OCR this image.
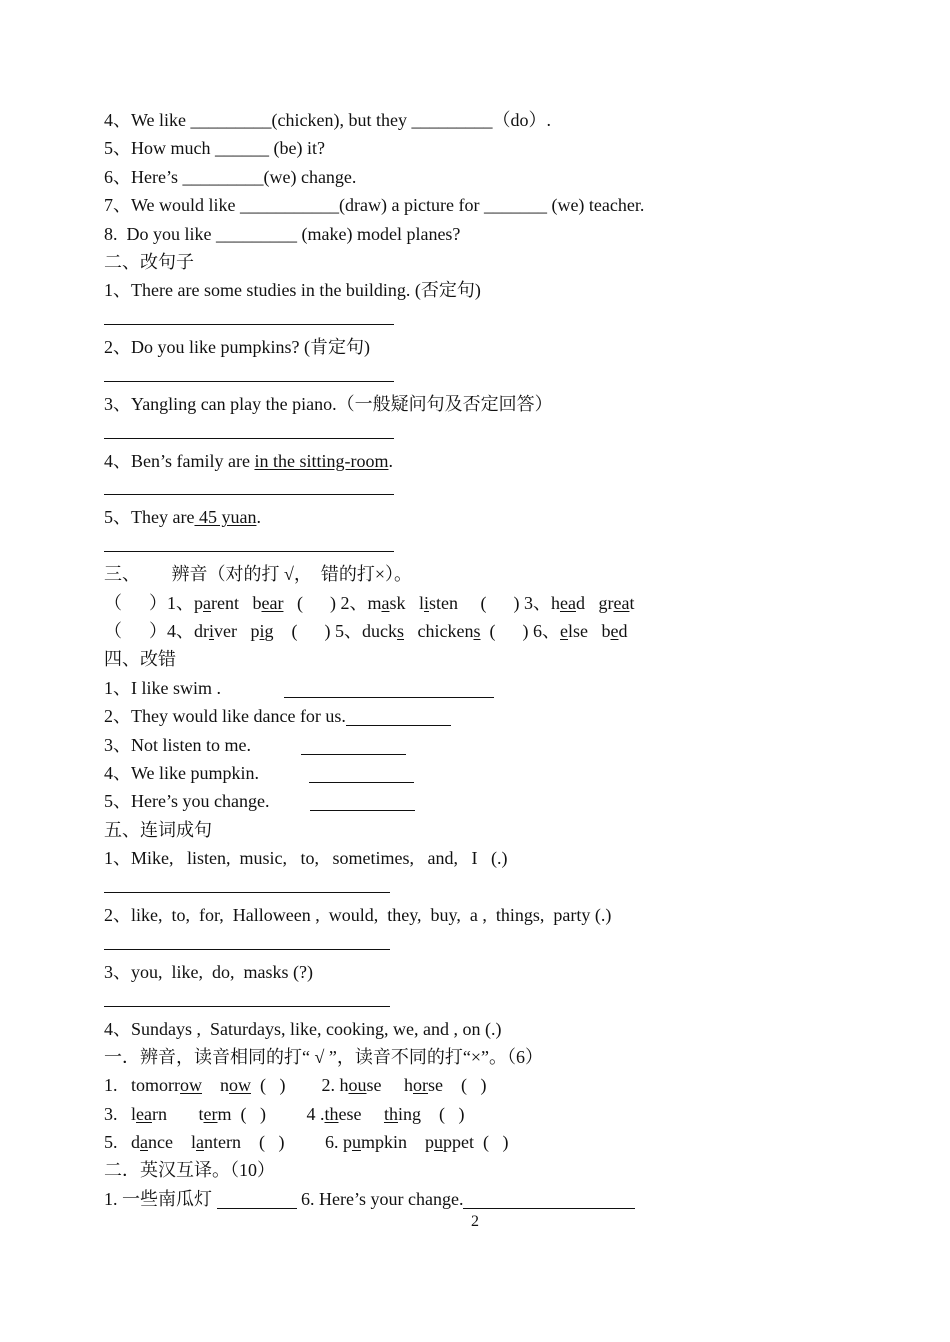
4、We like _________(chicken), but they _________（do）.
5、How much ______ (be) it?
6、Here’s _________(we) change.
7、We would like ___________(draw) a picture for _______ (we) teacher.
8.  Do you like _________ (make) model planes?
二、改句子
1、There are some studies in the building. (否定句)
2、Do you like pumpkins? (肯定句)
3、Yangling can play the piano.（一般疑问句及否定回答）
4、Ben’s family are in the sitting-room.
5、They are 45 yuan.
三、       辨音（对的打 √，  错的打×）。
（      ）1、parent   bear   (      ) 2、mask   listen     (      ) 3、head   great
（      ）4、driver   pig    (      ) 5、ducks   chickens  (      ) 6、else   bed
四、改错
1、I like swim .
2、They would like dance for us.
3、Not listen to me.
4、We like pumpkin.
5、Here’s you change.
五、连词成句
1、Mike,   listen,  music,   to,   sometimes,   and,   I   (.)
2、like,  to,  for,  Halloween ,  would,  they,  buy,  a ,  things,  party (.)
3、you,  like,  do,  masks (?)
4、Sundays ,  Saturdays, like, cooking, we, and , on (.)
一．辨音，读音相同的打“ √ ”，读音不同的打“×”。（6）
1.   tomorrow    now  (   )        2. house     horse    (   )
3.   learn       term  (   )         4 .these     thing    (   )
5.   dance    lantern    (   )         6. pumpkin    puppet  (   )
二．英汉互译。（10）
1. 一些南瓜灯	6. Here’s your change.
2
